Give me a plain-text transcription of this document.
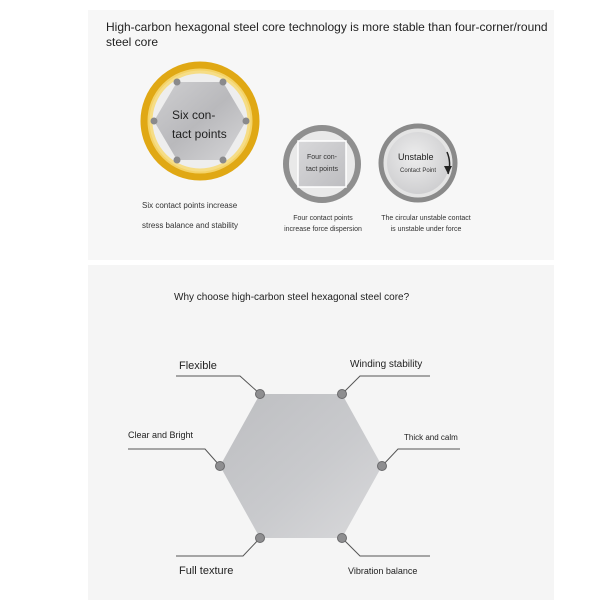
High-carbon hexagonal steel core technology is more stable than four-corner/round steel core
Six con-
tact points
Six contact points increase
stress balance and stability
Four con-
tact points
Four contact points
increase force dispersion
Unstable
Contact Point
The circular unstable contact
is unstable under force
Why choose high-carbon steel hexagonal steel core?
Flexible	Winding stability
Clear and Bright	Thick and calm
Full texture	Vibration balance
